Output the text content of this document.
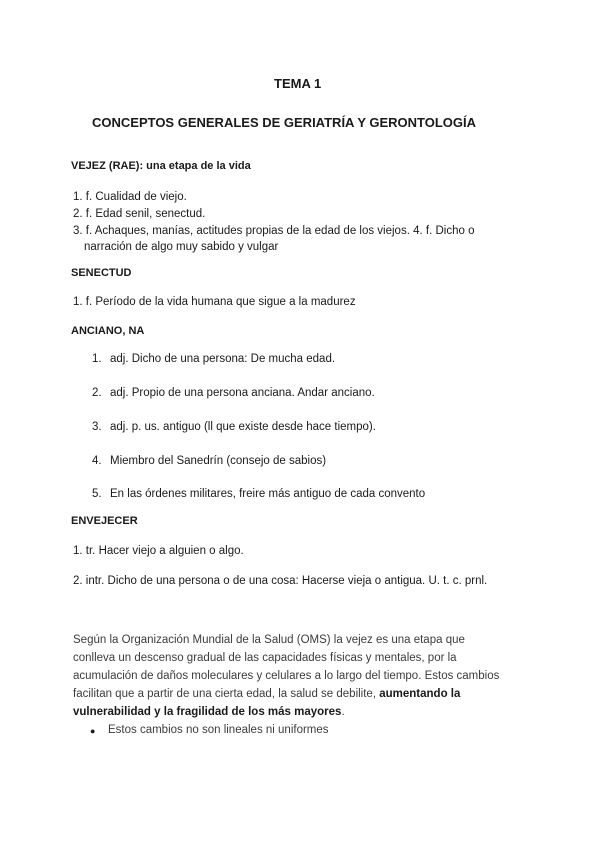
TEMA 1
CONCEPTOS GENERALES DE GERIATRÍA Y GERONTOLOGÍA
VEJEZ (RAE): una etapa de la vida
1. f. Cualidad de viejo.
2. f. Edad senil, senectud.
3. f. Achaques, manías, actitudes propias de la edad de los viejos. 4. f. Dicho o
narración de algo muy sabido y vulgar
SENECTUD
1. f. Período de la vida humana que sigue a la madurez
ANCIANO, NA
1. adj. Dicho de una persona: De mucha edad.
2. adj. Propio de una persona anciana. Andar anciano.
3. adj. p. us. antiguo (ll que existe desde hace tiempo).
4. Miembro del Sanedrín (consejo de sabios)
5. En las órdenes militares, freire más antiguo de cada convento
ENVEJECER
1. tr. Hacer viejo a alguien o algo.
2. intr. Dicho de una persona o de una cosa: Hacerse vieja o antigua. U. t. c. prnl.
Según la Organización Mundial de la Salud (OMS) la vejez es una etapa que
conlleva un descenso gradual de las capacidades físicas y mentales, por la
acumulación de daños moleculares y celulares a lo largo del tiempo. Estos cambios
facilitan que a partir de una cierta edad, la salud se debilite, aumentando la
vulnerabilidad y la fragilidad de los más mayores.
● Estos cambios no son lineales ni uniformes
